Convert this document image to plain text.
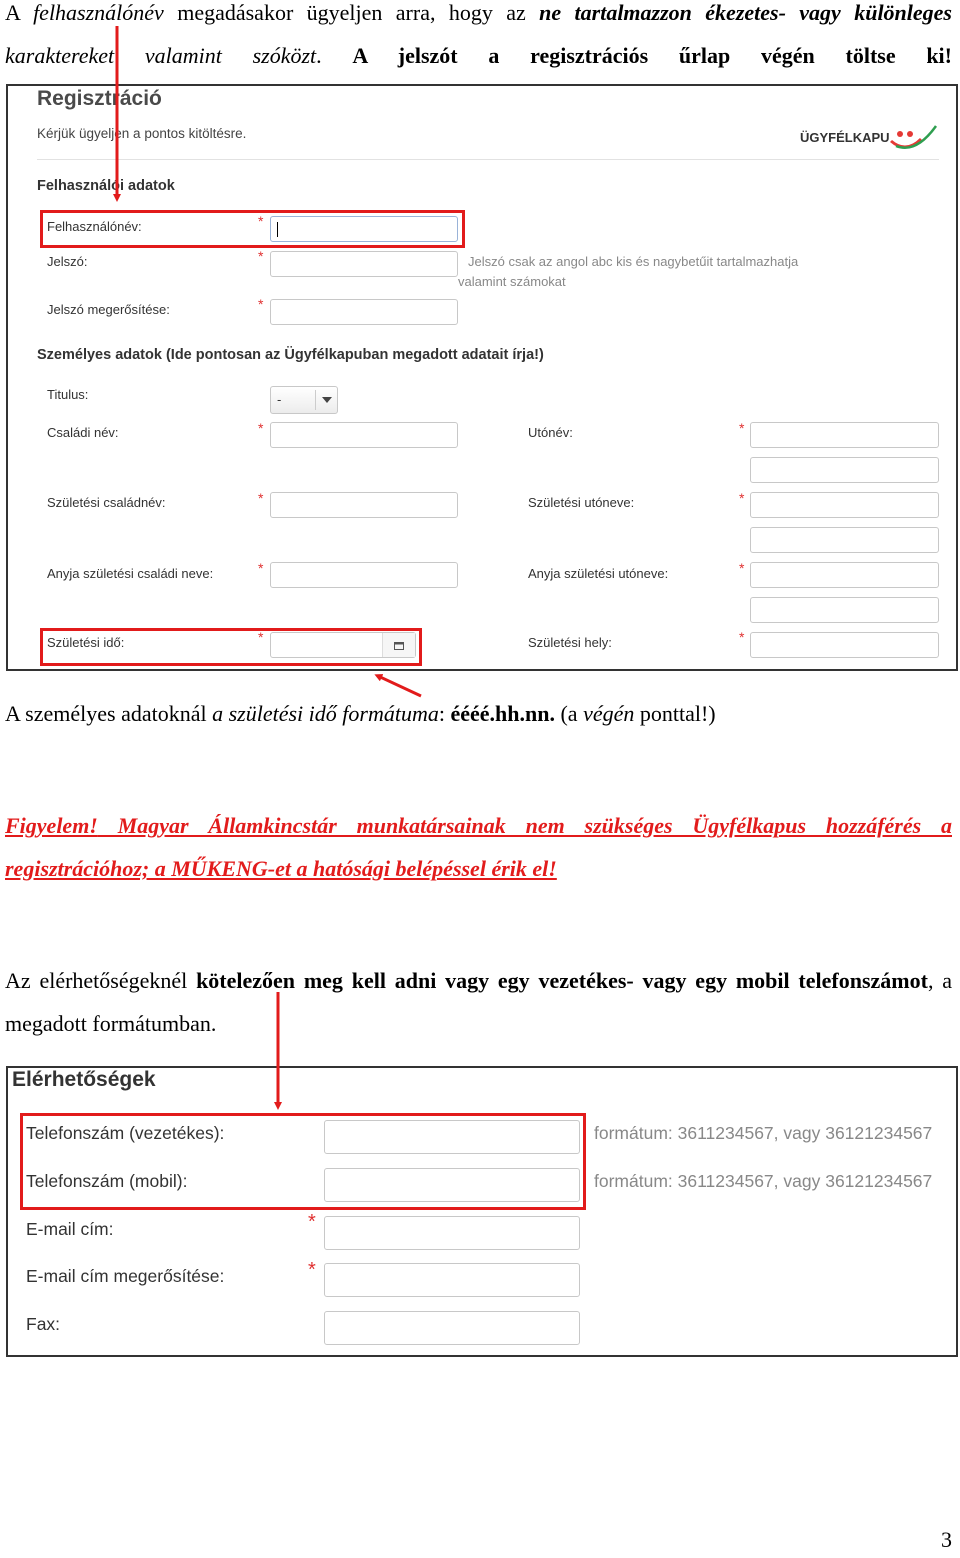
A felhasználónév megadásakor ügyeljen arra, hogy az ne tartalmazzon ékezetes- vagy különleges karaktereket valamint szóközt. A jelszót a regisztrációs űrlap végén töltse ki!
Regisztráció
Kérjük ügyeljen a pontos kitöltésre.	ÜGYFÉLKAPU
Felhasználói adatok
Felhasználónév:	*
Jelszó:	*	Jelszó csak az angol abc kis és nagybetűit tartalmazhatja
valamint számokat
Jelszó megerősítése:	*
Személyes adatok (Ide pontosan az Ügyfélkapuban megadott adatait írja!)
Titulus:	-
Családi név:	*	Utónév:	*
Születési családnév:	*	Születési utóneve:	*
Anyja születési családi neve:	*	Anyja születési utóneve:	*
Születési idő:	*	Születési hely:	*
A személyes adatoknál a születési idő formátuma: éééé.hh.nn. (a végén ponttal!)
Figyelem! Magyar Államkincstár munkatársainak nem szükséges Ügyfélkapus hozzáférés a regisztrációhoz; a MŰKENG-et a hatósági belépéssel érik el!
Az elérhetőségeknél kötelezően meg kell adni vagy egy vezetékes- vagy egy mobil telefonszámot, a megadott formátumban.
Elérhetőségek
Telefonszám (vezetékes):	formátum: 3611234567, vagy 36121234567
Telefonszám (mobil):	formátum: 3611234567, vagy 36121234567
E-mail cím:	*
E-mail cím megerősítése:	*
Fax:
3
